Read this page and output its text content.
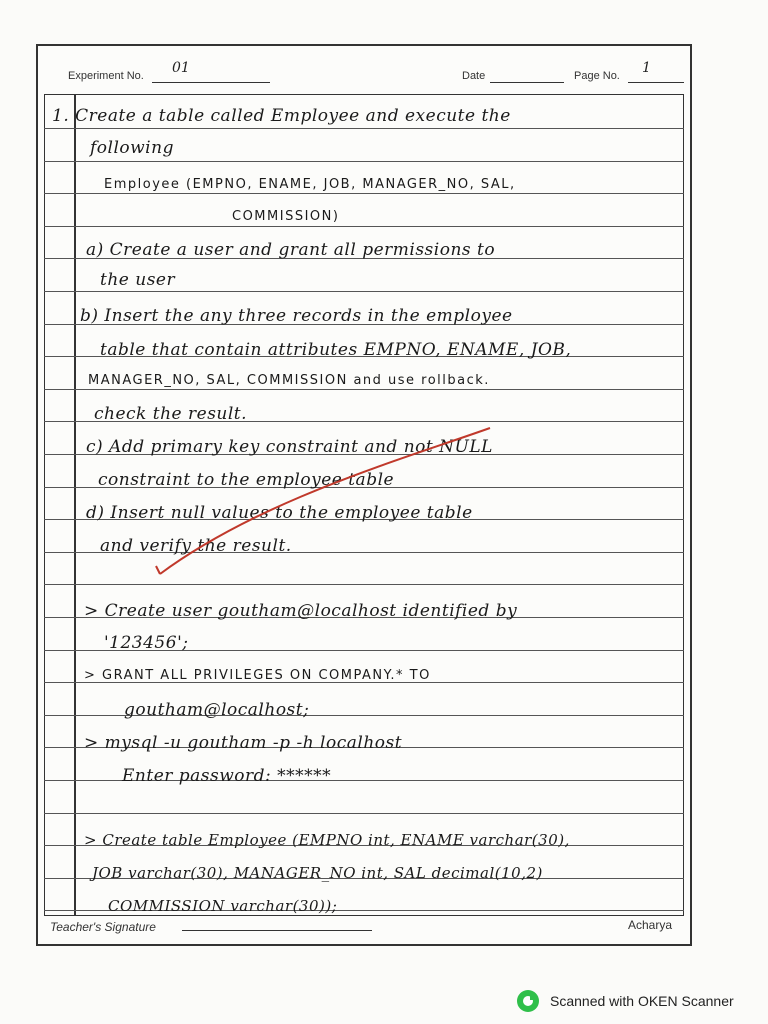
Experiment No. 01	Date	Page No. 1
1. Create a table called Employee and execute the
following
Employee (EMPNO, ENAME, JOB, MANAGER_NO, SAL,
COMMISSION)
a) Create a user and grant all permissions to
the user
b) Insert the any three records in the employee
table that contain attributes EMPNO, ENAME, JOB,
MANAGER_NO, SAL, COMMISSION and use rollback.
check the result.
c) Add primary key constraint and not NULL
constraint to the employee table
d) Insert null values to the employee table
and verify the result.
> Create user goutham@localhost identified by
'123456';
> GRANT ALL PRIVILEGES ON COMPANY.* TO
goutham@localhost;
> mysql -u goutham -p -h localhost
Enter password: ******
> Create table Employee (EMPNO int, ENAME varchar(30),
JOB varchar(30), MANAGER_NO int, SAL decimal(10,2)
COMMISSION varchar(30));
Teacher's Signature	Acharya
Scanned with OKEN Scanner
